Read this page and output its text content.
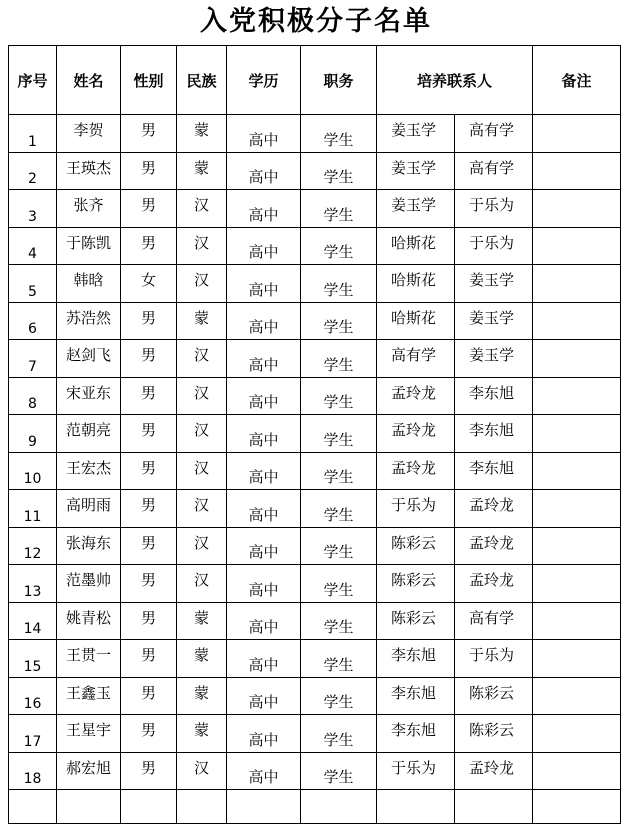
入党积极分子名单
序号	姓名	性别	民族	学历	职务	培养联系人		备注
1	李贺	男	蒙	高中	学生	姜玉学	高有学	
2	王瑛杰	男	蒙	高中	学生	姜玉学	高有学	
3	张齐	男	汉	高中	学生	姜玉学	于乐为	
4	于陈凯	男	汉	高中	学生	哈斯花	于乐为	
5	韩晗	女	汉	高中	学生	哈斯花	姜玉学	
6	苏浩然	男	蒙	高中	学生	哈斯花	姜玉学	
7	赵剑飞	男	汉	高中	学生	高有学	姜玉学	
8	宋亚东	男	汉	高中	学生	孟玲龙	李东旭	
9	范朝亮	男	汉	高中	学生	孟玲龙	李东旭	
10	王宏杰	男	汉	高中	学生	孟玲龙	李东旭	
11	高明雨	男	汉	高中	学生	于乐为	孟玲龙	
12	张海东	男	汉	高中	学生	陈彩云	孟玲龙	
13	范墨帅	男	汉	高中	学生	陈彩云	孟玲龙	
14	姚青松	男	蒙	高中	学生	陈彩云	高有学	
15	王贯一	男	蒙	高中	学生	李东旭	于乐为	
16	王鑫玉	男	蒙	高中	学生	李东旭	陈彩云	
17	王星宇	男	蒙	高中	学生	李东旭	陈彩云	
18	郝宏旭	男	汉	高中	学生	于乐为	孟玲龙	
